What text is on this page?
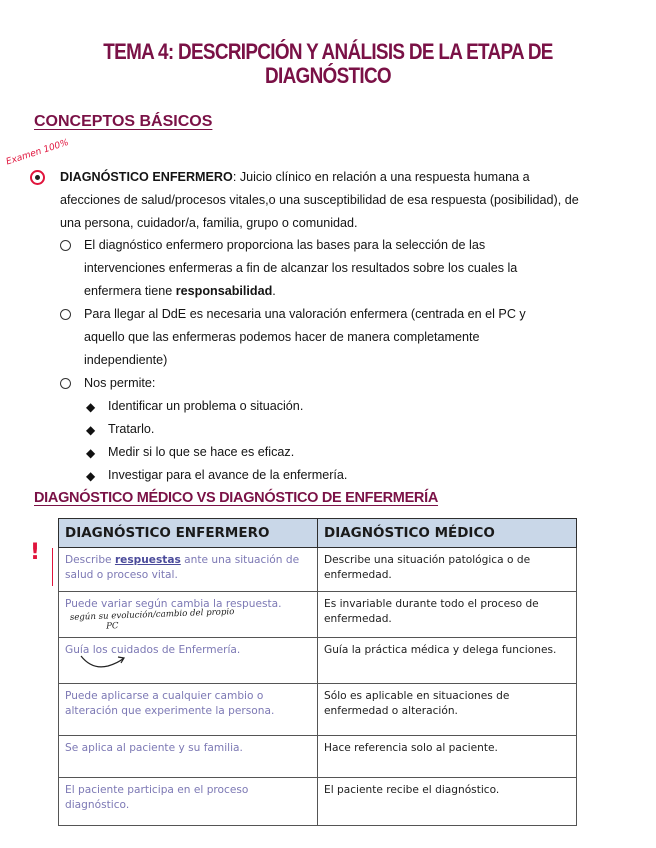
TEMA 4: DESCRIPCIÓN Y ANÁLISIS DE LA ETAPA DE
DIAGNÓSTICO
CONCEPTOS BÁSICOS
Examen 100%
DIAGNÓSTICO ENFERMERO: Juicio clínico en relación a una respuesta humana a afecciones de salud/procesos vitales,o una susceptibilidad de esa respuesta (posibilidad), de una persona, cuidador/a, familia, grupo o comunidad.
El diagnóstico enfermero proporciona las bases para la selección de las
intervenciones enfermeras a fin de alcanzar los resultados sobre los cuales la
enfermera tiene responsabilidad.
Para llegar al DdE es necesaria una valoración enfermera (centrada en el PC y
aquello que las enfermeras podemos hacer de manera completamente
independiente)
Nos permite:
◆ Identificar un problema o situación.
◆ Tratarlo.
◆ Medir si lo que se hace es eficaz.
◆ Investigar para el avance de la enfermería.
DIAGNÓSTICO MÉDICO VS DIAGNÓSTICO DE ENFERMERÍA
!
DIAGNÓSTICO ENFERMERO	DIAGNÓSTICO MÉDICO
Describe respuestas ante una situación de salud o proceso vital.	Describe una situación patológica o de enfermedad.
Puede variar según cambia la respuesta.	Es invariable durante todo el proceso de enfermedad.
Guía los cuidados de Enfermería.	Guía la práctica médica y delega funciones.
Puede aplicarse a cualquier cambio o alteración que experimente la persona.	Sólo es aplicable en situaciones de enfermedad o alteración.
Se aplica al paciente y su familia.	Hace referencia solo al paciente.
El paciente participa en el proceso diagnóstico.	El paciente recibe el diagnóstico.
según su evolución/cambio del propio
PC
